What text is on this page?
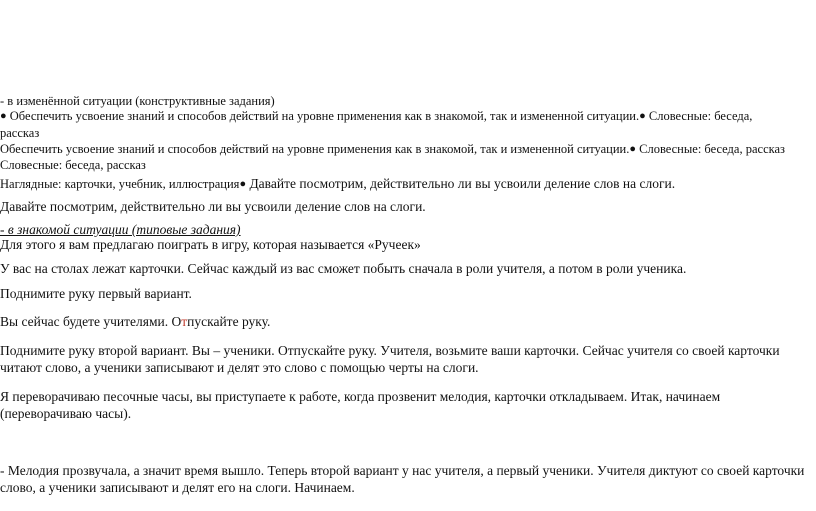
- в изменённой ситуации (конструктивные задания)
● Обеспечить усвоение знаний и способов действий на уровне применения как в знакомой, так и измененной ситуации.● Словесные: беседа,
рассказ
Обеспечить усвоение знаний и способов действий на уровне применения как в знакомой, так и измененной ситуации.● Словесные: беседа, рассказ
Словесные: беседа, рассказ
Наглядные: карточки, учебник, иллюстрация● Давайте посмотрим, действительно ли вы усвоили деление слов на слоги.
Давайте посмотрим, действительно ли вы усвоили деление слов на слоги.
- в знакомой ситуации (типовые задания)
Для этого я вам предлагаю поиграть в игру, которая называется «Ручеек»
У вас на столах лежат карточки. Сейчас каждый из вас сможет побыть сначала в роли учителя, а потом в роли ученика.
Поднимите руку первый вариант.
Вы сейчас будете учителями. Отпускайте руку.
Поднимите руку второй вариант. Вы – ученики. Отпускайте руку. Учителя, возьмите ваши карточки. Сейчас учителя со своей карточки
читают слово, а ученики записывают и делят это слово с помощью черты на слоги.
Я переворачиваю песочные часы, вы приступаете к работе, когда прозвенит мелодия, карточки откладываем. Итак, начинаем
(переворачиваю часы).
- Мелодия прозвучала, а значит время вышло. Теперь второй вариант у нас учителя, а первый ученики. Учителя диктуют со своей карточки
слово, а ученики записывают и делят его на слоги. Начинаем.
